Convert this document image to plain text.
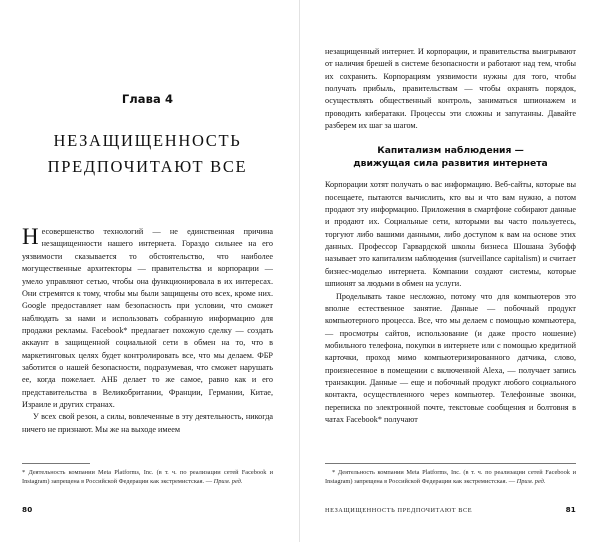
Глава 4
НЕЗАЩИЩЕННОСТЬ
ПРЕДПОЧИТАЮТ ВСЕ

Несовершенство технологий — не единственная причина незащищенности нашего интернета. Гораздо сильнее на его уязвимости сказывается то обстоятельство, что наиболее могущественные архитекторы — правительства и корпорации — умело управляют сетью, чтобы она функционировала в их интересах. Они стремятся к тому, чтобы мы были защищены ото всех, кроме них. Google предоставляет нам безопасность при условии, что сможет наблюдать за нами и использовать собранную информацию для продажи рекламы. Facebook* предлагает похожую сделку — создать аккаунт в защищенной социальной сети в обмен на то, что в маркетинговых целях будет контролировать все, что мы делаем. ФБР заботится о нашей безопасности, подразумевая, что сможет нарушать ее, когда пожелает. АНБ делает то же самое, равно как и его представительства в Великобритании, Франции, Германии, Китае, Израиле и других странах.

У всех свой резон, а силы, вовлеченные в эту деятельность, никогда ничего не признают. Мы же на выходе имеем

* Деятельность компании Meta Platforms, Inc. (в т. ч. по реализации сетей Facebook и Instagram) запрещена в Российской Федерации как экстремистская. — Прим. ред.
80

незащищенный интернет. И корпорации, и правительства выигрывают от наличия брешей в системе безопасности и работают над тем, чтобы их сохранить. Корпорациям уязвимости нужны для того, чтобы получать прибыль, правительствам — чтобы охранять порядок, осуществлять общественный контроль, заниматься шпионажем и проводить кибератаки. Процессы эти сложны и запутанны. Давайте разберем их шаг за шагом.

Капитализм наблюдения —
движущая сила развития интернета

Корпорации хотят получать о вас информацию. Веб-сайты, которые вы посещаете, пытаются вычислить, кто вы и что вам нужно, а потом продают эту информацию. Приложения в смартфоне собирают данные и продают их. Социальные сети, которыми вы часто пользуетесь, торгуют либо вашими данными, либо доступом к вам на основе этих данных. Профессор Гарвардской школы бизнеса Шошана Зубофф называет это капитализм наблюдения (surveillance capitalism) и считает бизнес-моделью интернета. Компании создают системы, которые шпионят за людьми в обмен на услуги.

Проделывать такое несложно, потому что для компьютеров это вполне естественное занятие. Данные — побочный продукт компьютерного процесса. Все, что мы делаем с помощью компьютера, — просмотры сайтов, использование (и даже просто ношение) мобильного телефона, покупки в интернете или с помощью кредитной карточки, проход мимо компьютеризированного датчика, слово, произнесенное в помещении с включенной Alexa, — получает запись транзакции. Данные — еще и побочный продукт любого социального контакта, осуществленного через компьютер. Телефонные звонки, переписка по электронной почте, текстовые сообщения и болтовня в чатах Facebook* получают

* Деятельность компании Meta Platforms, Inc. (в т. ч. по реализации сетей Facebook и Instagram) запрещена в Российской Федерации как экстремистская. — Прим. ред.
НЕЗАЩИЩЕННОСТЬ ПРЕДПОЧИТАЮТ ВСЕ	81
